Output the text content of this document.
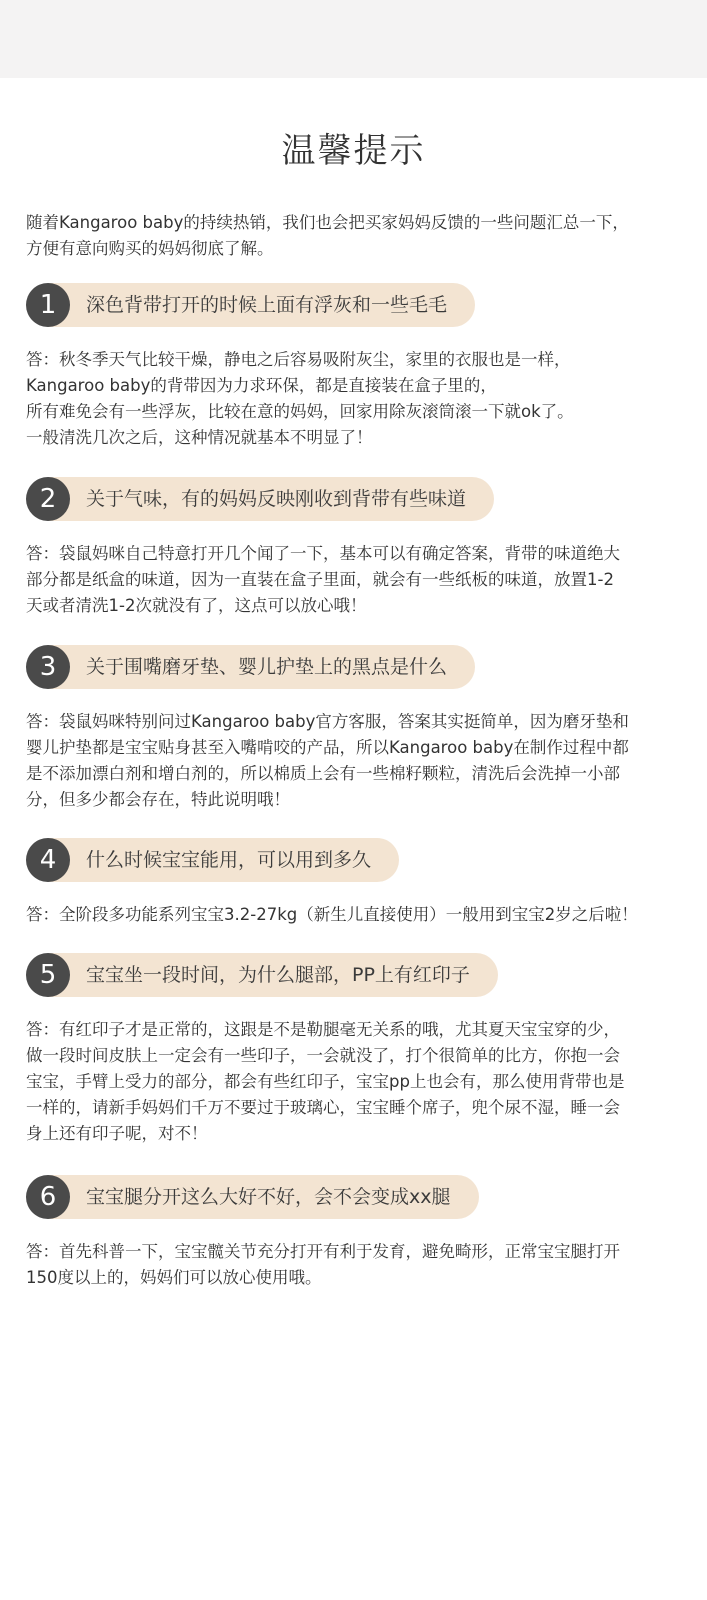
温馨提示
随着Kangaroo baby的持续热销，我们也会把买家妈妈反馈的一些问题汇总一下，
方便有意向购买的妈妈彻底了解。
1	深色背带打开的时候上面有浮灰和一些毛毛
答：秋冬季天气比较干燥，静电之后容易吸附灰尘，家里的衣服也是一样，
Kangaroo baby的背带因为力求环保，都是直接装在盒子里的，
所有难免会有一些浮灰，比较在意的妈妈，回家用除灰滚筒滚一下就ok了。
一般清洗几次之后，这种情况就基本不明显了！
2	关于气味，有的妈妈反映刚收到背带有些味道
答：袋鼠妈咪自己特意打开几个闻了一下，基本可以有确定答案，背带的味道绝大
部分都是纸盒的味道，因为一直装在盒子里面，就会有一些纸板的味道，放置1-2
天或者清洗1-2次就没有了，这点可以放心哦！
3	关于围嘴磨牙垫、婴儿护垫上的黑点是什么
答：袋鼠妈咪特别问过Kangaroo baby官方客服，答案其实挺简单，因为磨牙垫和
婴儿护垫都是宝宝贴身甚至入嘴啃咬的产品，所以Kangaroo baby在制作过程中都
是不添加漂白剂和增白剂的，所以棉质上会有一些棉籽颗粒，清洗后会洗掉一小部
分，但多少都会存在，特此说明哦！
4	什么时候宝宝能用，可以用到多久
答：全阶段多功能系列宝宝3.2-27kg（新生儿直接使用）一般用到宝宝2岁之后啦！
5	宝宝坐一段时间，为什么腿部，PP上有红印子
答：有红印子才是正常的，这跟是不是勒腿毫无关系的哦，尤其夏天宝宝穿的少，
做一段时间皮肤上一定会有一些印子，一会就没了，打个很简单的比方，你抱一会
宝宝，手臂上受力的部分，都会有些红印子，宝宝pp上也会有，那么使用背带也是
一样的，请新手妈妈们千万不要过于玻璃心，宝宝睡个席子，兜个尿不湿，睡一会
身上还有印子呢，对不！
6	宝宝腿分开这么大好不好，会不会变成xx腿
答：首先科普一下，宝宝髋关节充分打开有利于发育，避免畸形，正常宝宝腿打开
150度以上的，妈妈们可以放心使用哦。
